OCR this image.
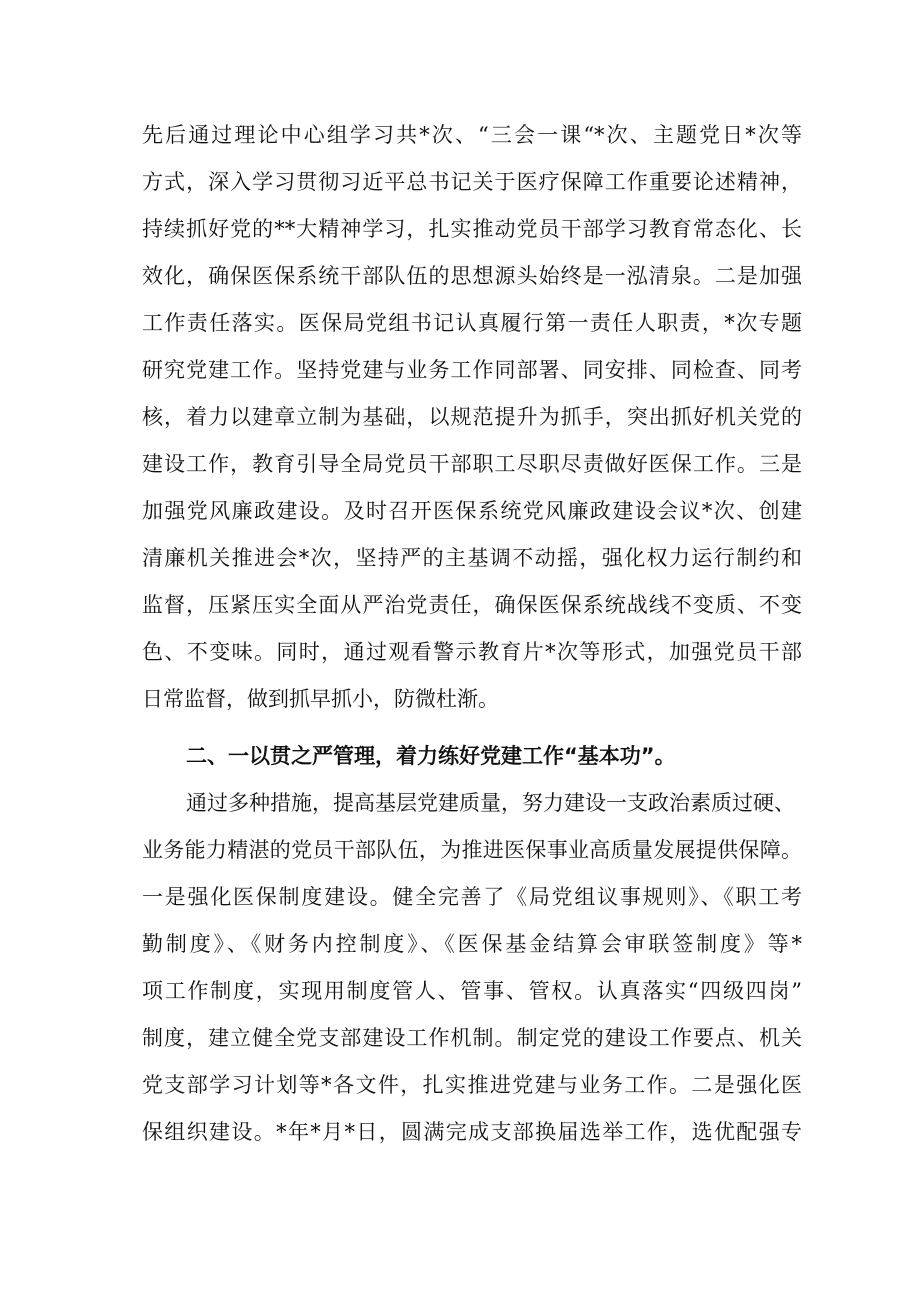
先后通过理论中心组学习共*次、“三会一课“*次、主题党日*次等
方式，深入学习贯彻习近平总书记关于医疗保障工作重要论述精神，
持续抓好党的**大精神学习，扎实推动党员干部学习教育常态化、长
效化，确保医保系统干部队伍的思想源头始终是一泓清泉。二是加强
工作责任落实。医保局党组书记认真履行第一责任人职责，*次专题
研究党建工作。坚持党建与业务工作同部署、同安排、同检查、同考
核，着力以建章立制为基础，以规范提升为抓手，突出抓好机关党的
建设工作，教育引导全局党员干部职工尽职尽责做好医保工作。三是
加强党风廉政建设。及时召开医保系统党风廉政建设会议*次、创建
清廉机关推进会*次，坚持严的主基调不动摇，强化权力运行制约和
监督，压紧压实全面从严治党责任，确保医保系统战线不变质、不变
色、不变味。同时，通过观看警示教育片*次等形式，加强党员干部
日常监督，做到抓早抓小，防微杜渐。
二、一以贯之严管理，着力练好党建工作“基本功”。
通过多种措施，提高基层党建质量，努力建设一支政治素质过硬、
业务能力精湛的党员干部队伍，为推进医保事业高质量发展提供保障。
一是强化医保制度建设。健全完善了《局党组议事规则》、《职工考
勤制度》、《财务内控制度》、《医保基金结算会审联签制度》等*
项工作制度，实现用制度管人、管事、管权。认真落实“四级四岗”
制度，建立健全党支部建设工作机制。制定党的建设工作要点、机关
党支部学习计划等*各文件，扎实推进党建与业务工作。二是强化医
保组织建设。*年*月*日，圆满完成支部换届选举工作，选优配强专
